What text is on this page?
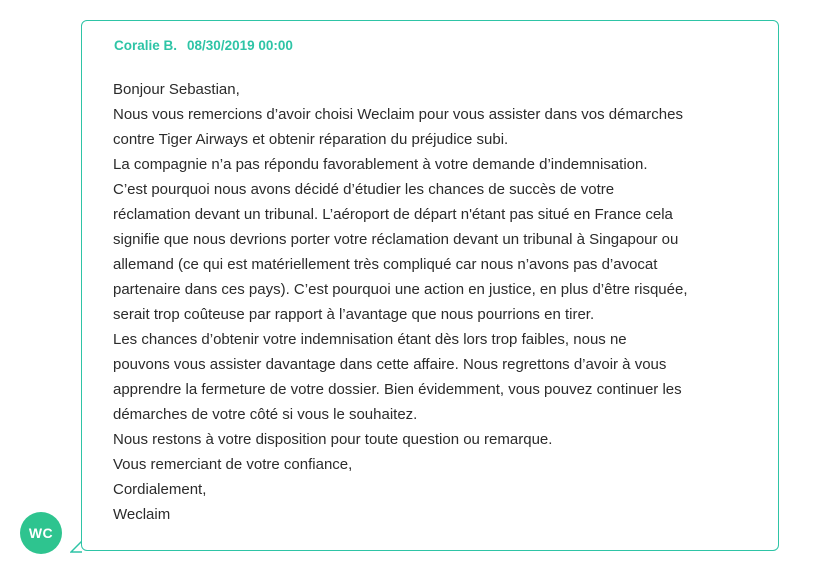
WC
Coralie B. 08/30/2019 00:00

Bonjour Sebastian,

Nous vous remercions d’avoir choisi Weclaim pour vous assister dans vos démarches

contre Tiger Airways et obtenir réparation du préjudice subi.

La compagnie n’a pas répondu favorablement à votre demande d’indemnisation.

C’est pourquoi nous avons décidé d’étudier les chances de succès de votre

réclamation devant un tribunal. L’aéroport de départ n'étant pas situé en France cela

signifie que nous devrions porter votre réclamation devant un tribunal à Singapour ou

allemand (ce qui est matériellement très compliqué car nous n’avons pas d’avocat

partenaire dans ces pays). C’est pourquoi une action en justice, en plus d’être risquée,

serait trop coûteuse par rapport à l’avantage que nous pourrions en tirer.

Les chances d’obtenir votre indemnisation étant dès lors trop faibles, nous ne

pouvons vous assister davantage dans cette affaire. Nous regrettons d’avoir à vous

apprendre la fermeture de votre dossier. Bien évidemment, vous pouvez continuer les

démarches de votre côté si vous le souhaitez.

Nous restons à votre disposition pour toute question ou remarque.

Vous remerciant de votre confiance,

Cordialement,

Weclaim
